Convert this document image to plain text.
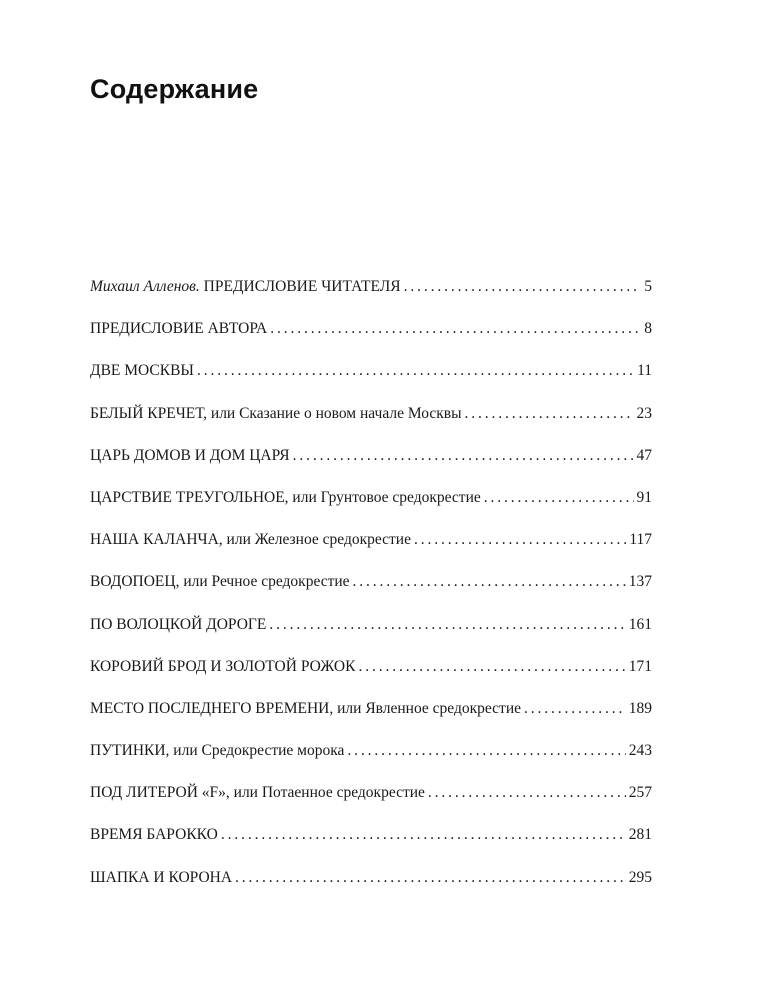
Содержание
Михаил Алленов. ПРЕДИСЛОВИЕ ЧИТАТЕЛЯ . . .	5
ПРЕДИСЛОВИЕ АВТОРА . . .	8
ДВЕ МОСКВЫ . . .	11
БЕЛЫЙ КРЕЧЕТ, или Сказание о новом начале Москвы . . .	23
ЦАРЬ ДОМОВ И ДОМ ЦАРЯ . . .	47
ЦАРСТВИЕ ТРЕУГОЛЬНОЕ, или Грунтовое средокрестие . . .	91
НАША КАЛАНЧА, или Железное средокрестие . . .	117
ВОДОПОЕЦ, или Речное средокрестие . . .	137
ПО ВОЛОЦКОЙ ДОРОГЕ . . .	161
КОРОВИЙ БРОД И ЗОЛОТОЙ РОЖОК . . .	171
МЕСТО ПОСЛЕДНЕГО ВРЕМЕНИ, или Явленное средокрестие . . .	189
ПУТИНКИ, или Средокрестие морока . . .	243
ПОД ЛИТЕРОЙ «F», или Потаенное средокрестие . . .	257
ВРЕМЯ БАРОККО . . .	281
ШАПКА И КОРОНА . . .	295
